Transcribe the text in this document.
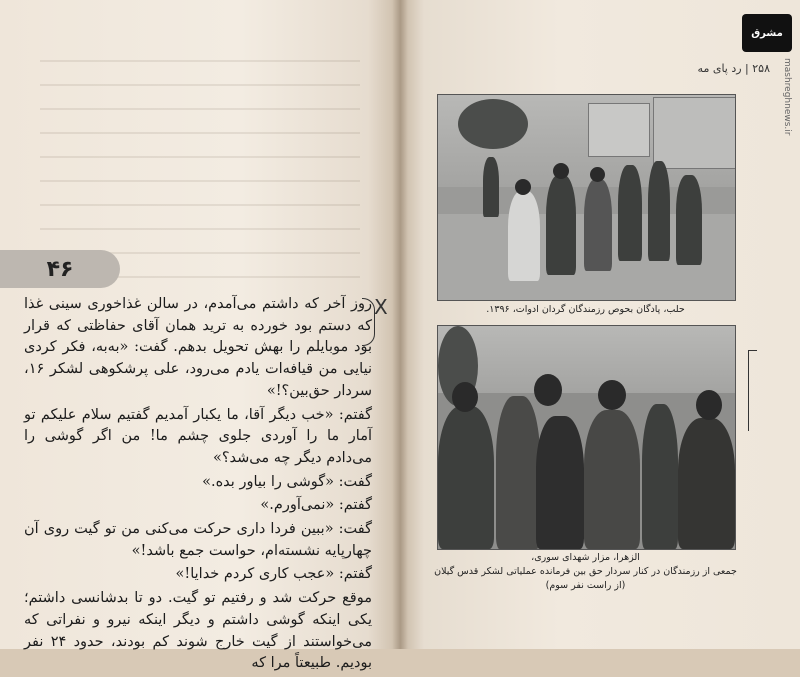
۴۶
X

روز آخر که داشتم می‌آمدم، در سالن غذاخوری سینی غذا که دستم بود خورده به ترید همان آقای حفاظتی که قرار بود موبایلم را بهش تحویل بدهم. گفت: «به‌به، فکر کردی نیایی من قیافه‌ات یادم می‌رود، علی پرشکوهی لشکر ۱۶، سردار حق‌بین؟!»

گفتم: «خب دیگر آقا، ما یکبار آمدیم گفتیم سلام علیکم تو آمار ما را آوردی جلوی چشم ما! من اگر گوشی را می‌دادم دیگر چه می‌شد؟»

گفت: «گوشی را بیاور بده.»

گفتم: «نمی‌آورم.»

گفت: «ببین فردا داری حرکت می‌کنی من تو گیت روی آن چهارپایه نشسته‌ام، حواست جمع باشد!»

گفتم: «عجب کاری کردم خدایا!»

موقع حرکت شد و رفتیم تو گیت. دو تا بدشانسی داشتم؛ یکی اینکه گوشی داشتم و دیگر اینکه نیرو و نفراتی که می‌خواستند از گیت خارج شوند کم بودند، حدود ۲۴ نفر بودیم. طبیعتاً مرا که

مشرق
mashreghnews.ir
۲۵۸ | رد پای مه
حلب، پادگان بحوص رزمندگان گردان ادوات، ۱۳۹۶.
الزهرا، مزار شهدای سوری،
جمعی از رزمندگان در کنار سردار حق بین فرمانده عملیاتی لشکر قدس گیلان (از راست نفر سوم)
